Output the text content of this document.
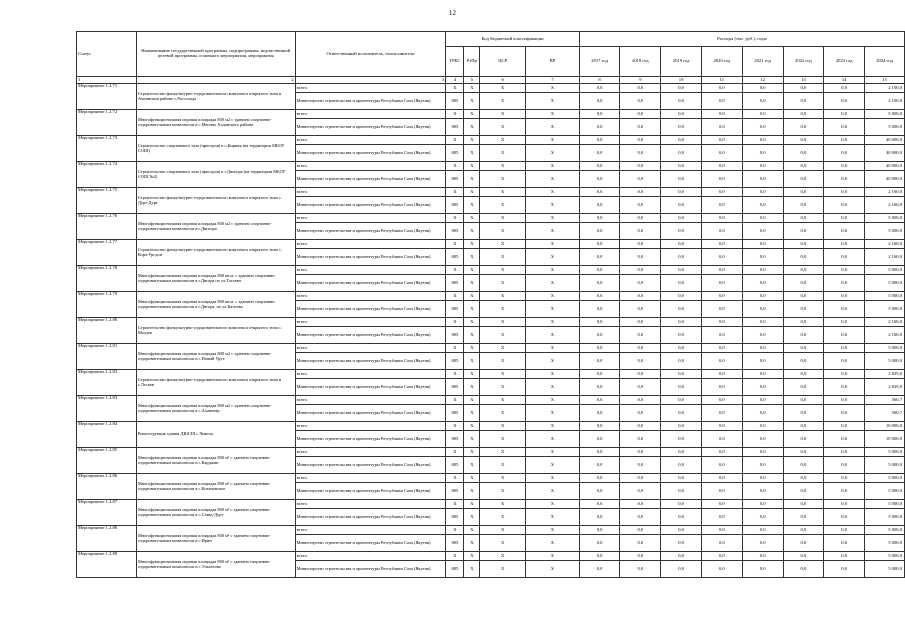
12
Статус	Наименование государственной программы, подпрограммы, ведомственной целевой программы, основного мероприятия, мероприятия	Ответственный исполнитель, соисполнители	Код бюджетной классификации				Расходы (тыс. руб.), годы							
			ГРБС	РзПр	ЦСР	ВР	2017 год	2018 год	2019 год	2020 год	2021 год	2022 год	2023 год	2024 год
1	2	3	4	5	6	7	8	9	10	11	12	13	14	15
Мероприятие 1.2.71	Строительство физкультурно-оздоровительного комплекса открытого типа в Амгинском районе с.Рассолода	всего	Х	Х	Х	Х	0,0	0,0	0,0	0,0	0,0	0,0	0,0	2 100,0
		Министерство строительства и архитектуры Республики Саха (Якутия)	805	Х	Х	Х	0,0	0,0	0,0	0,0	0,0	0,0	0,0	2 100,0
Мероприятие 1.2.72	Многофункциональная игровая площадка 800 м2 с зданием спортивно-оздоровительным комплексом в с.Мегино Алданского района	всего	Х	Х	Х	Х	0,0	0,0	0,0	0,0	0,0	0,0	0,0	5 000,0
		Министерство строительства и архитектуры Республики Саха (Якутия)	805	Х	Х	Х	0,0	0,0	0,0	0,0	0,0	0,0	0,0	5 000,0
Мероприятие 1.2.73	Строительство спортивного зала (пристроя) в с.Кирикя (на территории МБОУ СОШ)	всего	Х	Х	Х	Х	0,0	0,0	0,0	0,0	0,0	0,0	0,0	40 000,0
		Министерство строительства и архитектуры Республики Саха (Якутия)	805	Х	Х	Х	0,0	0,0	0,0	0,0	0,0	0,0	0,0	40 000,0
Мероприятие 1.2.74	Строительство спортивного зала (пристроя) в г.Дипгора (на территории МБОУ СОШ №2)	всего	Х	Х	Х	Х	0,0	0,0	0,0	0,0	0,0	0,0	0,0	40 000,0
		Министерство строительства и архитектуры Республики Саха (Якутия)	805	Х	Х	Х	0,0	0,0	0,0	0,0	0,0	0,0	0,0	40 000,0
Мероприятие 1.2.75	Строительство физкультурно-оздоровительного комплекса открытого типа с. Дурт-Дурт	всего	Х	Х	Х	Х	0,0	0,0	0,0	0,0	0,0	0,0	0,0	2 160,0
		Министерство строительства и архитектуры Республики Саха (Якутия)	805	Х	Х	Х	0,0	0,0	0,0	0,0	0,0	0,0	0,0	2 160,0
Мероприятие 1.2.76	Многофункциональная игровая площадка 800 м2 с зданием спортивно-оздоровительным комплексом в г.Дипгора	всего	Х	Х	Х	Х	0,0	0,0	0,0	0,0	0,0	0,0	0,0	5 000,0
		Министерство строительства и архитектуры Республики Саха (Якутия)	805	Х	Х	Х	0,0	0,0	0,0	0,0	0,0	0,0	0,0	5 000,0
Мероприятие 1.2.77	Строительство физкультурно-оздоровительного комплекса открытого типа с. Кора-Урсдон	всего	Х	Х	Х	Х	0,0	0,0	0,0	0,0	0,0	0,0	0,0	2 160,0
		Министерство строительства и архитектуры Республики Саха (Якутия)	805	Х	Х	Х	0,0	0,0	0,0	0,0	0,0	0,0	0,0	2 160,0
Мероприятие 1.2.78	Многофункциональная игровая площадка 800 кв.м. с зданием спортивно-оздоровительным комплексом в г.Дигора по ул.Тогоева	всего	Х	Х	Х	Х	0,0	0,0	0,0	0,0	0,0	0,0	0,0	5 000,0
		Министерство строительства и архитектуры Республики Саха (Якутия)	805	Х	Х	Х	0,0	0,0	0,0	0,0	0,0	0,0	0,0	5 000,0
Мероприятие 1.2.79	Многофункциональная игровая площадка 800 кв.м. с зданием спортивно-оздоровительным комплексом в г.Дигора, по ул.Калоева	всего	Х	Х	Х	Х	0,0	0,0	0,0	0,0	0,0	0,0	0,0	5 000,0
		Министерство строительства и архитектуры Республики Саха (Якутия)	805	Х	Х	Х	0,0	0,0	0,0	0,0	0,0	0,0	0,0	5 000,0
Мероприятие 1.2.80	Строительство физкультурно-оздоровительного комплекса открытого типа с. Моздок	всего	Х	Х	Х	Х	0,0	0,0	0,0	0,0	0,0	0,0	0,0	2 160,0
		Министерство строительства и архитектуры Республики Саха (Якутия)	805	Х	Х	Х	0,0	0,0	0,0	0,0	0,0	0,0	0,0	2 160,0
Мероприятие 1.2.81	Многофункциональная игровая площадка 800 м2 с зданием спортивно-оздоровительным комплексом в с.Новый Урух	всего	Х	Х	Х	Х	0,0	0,0	0,0	0,0	0,0	0,0	0,0	5 000,0
		Министерство строительства и архитектуры Республики Саха (Якутия)	805	Х	Х	Х	0,0	0,0	0,0	0,0	0,0	0,0	0,0	5 000,0
Мероприятие 1.2.82	Строительство физкультурно-оздоровительного комплекса открытого типа в с.Лескен	всего	Х	Х	Х	Х	0,0	0,0	0,0	0,0	0,0	0,0	0,0	2 829,0
		Министерство строительства и архитектуры Республики Саха (Якутия)	805	Х	Х	Х	0,0	0,0	0,0	0,0	0,0	0,0	0,0	2 829,0
Мероприятие 1.2.83	Многофункциональная игровая площадка 800 м2 с зданием спортивно-оздоровительным комплексом в с.Аханнгар	всего	Х	Х	Х	Х	0,0	0,0	0,0	0,0	0,0	0,0	0,0	560,7
		Министерство строительства и архитектуры Республики Саха (Якутия)	805	Х	Х	Х	0,0	0,0	0,0	0,0	0,0	0,0	0,0	560,7
Мероприятие 1.2.84	Реконструкция здания ДЮСШ с.Чикола	всего	Х	Х	Х	Х	0,0	0,0	0,0	0,0	0,0	0,0	0,0	10 000,0
		Министерство строительства и архитектуры Республики Саха (Якутия)	805	Х	Х	Х	0,0	0,0	0,0	0,0	0,0	0,0	0,0	10 000,0
Мероприятие 1.2.85	Многофункциональная игровая площадка 800 м² с зданием спортивно-оздоровительным комплексом в с.Карджин	всего	Х	Х	Х	Х	0,0	0,0	0,0	0,0	0,0	0,0	0,0	5 000,0
		Министерство строительства и архитектуры Республики Саха (Якутия)	805	Х	Х	Х	0,0	0,0	0,0	0,0	0,0	0,0	0,0	5 000,0
Мероприятие 1.2.86	Многофункциональная игровая площадка 800 м² с зданием спортивно-оздоровительным комплексом в с.Кохановское	всего	Х	Х	Х	Х	0,0	0,0	0,0	0,0	0,0	0,0	0,0	5 000,0
		Министерство строительства и архитектуры Республики Саха (Якутия)	805	Х	Х	Х	0,0	0,0	0,0	0,0	0,0	0,0	0,0	5 000,0
Мероприятие 1.2.87	Многофункциональная игровая площадка 800 м² с зданием спортивно-оздоровительным комплексом в с.Ставд-Дурт	всего	Х	Х	Х	Х	0,0	0,0	0,0	0,0	0,0	0,0	0,0	5 000,0
		Министерство строительства и архитектуры Республики Саха (Якутия)	805	Х	Х	Х	0,0	0,0	0,0	0,0	0,0	0,0	0,0	5 000,0
Мероприятие 1.2.88	Многофункциональная игровая площадка 800 м² с зданием спортивно-оздоровительным комплексом в с.Ирин	всего	Х	Х	Х	Х	0,0	0,0	0,0	0,0	0,0	0,0	0,0	5 000,0
		Министерство строительства и архитектуры Республики Саха (Якутия)	805	Х	Х	Х	0,0	0,0	0,0	0,0	0,0	0,0	0,0	5 000,0
Мероприятие 1.2.89	Многофункциональная игровая площадка 800 м² с зданием спортивно-оздоровительным комплексом в с.Эльхотово	всего	Х	Х	Х	Х	0,0	0,0	0,0	0,0	0,0	0,0	0,0	5 000,0
		Министерство строительства и архитектуры Республики Саха (Якутия)	805	Х	Х	Х	0,0	0,0	0,0	0,0	0,0	0,0	0,0	5 000,0
